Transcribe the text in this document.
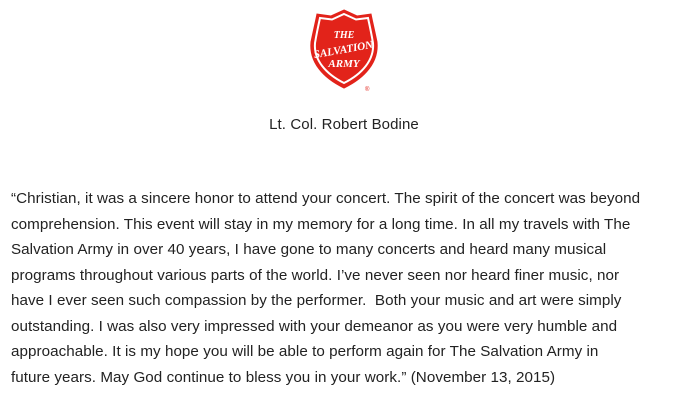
®
THE
SALVATION
ARMY
Lt. Col. Robert Bodine

“Christian, it was a sincere honor to attend your concert. The spirit of the concert was beyond
comprehension. This event will stay in my memory for a long time. In all my travels with The
Salvation Army in over 40 years, I have gone to many concerts and heard many musical
programs throughout various parts of the world. I’ve never seen nor heard finer music, nor
have I ever seen such compassion by the performer.  Both your music and art were simply
outstanding. I was also very impressed with your demeanor as you were very humble and
approachable. It is my hope you will be able to perform again for The Salvation Army in
future years. May God continue to bless you in your work.” (November 13, 2015)
